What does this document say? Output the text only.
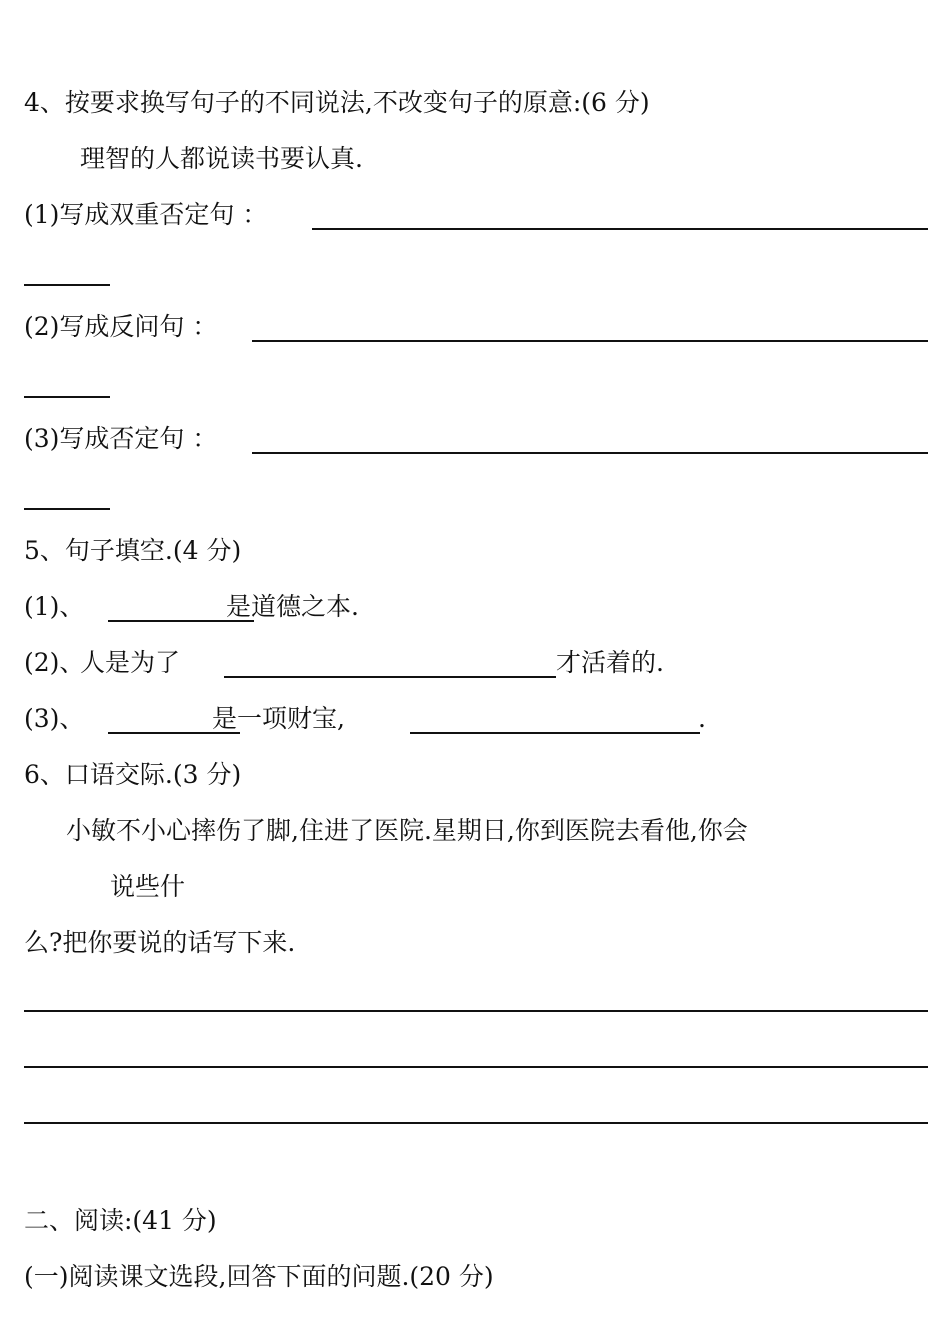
4、按要求换写句子的不同说法,不改变句子的原意:(6 分)
理智的人都说读书要认真.
(1)写成双重否定句 ：
(2)写成反问句 ：
(3)写成否定句 ：
5、句子填空.(4 分)
(1)、	是道德之本.
(2)、
人是为了	才活着的.
(3)、	是一项财宝,	.
6、口语交际.(3 分)
小敏不小心摔伤了脚,住进了医院.星期日,你到医院去看他,你会
说些什
么?把你要说的话写下来.
二、阅读:(41 分)
(一)阅读课文选段,回答下面的问题.(20 分)
